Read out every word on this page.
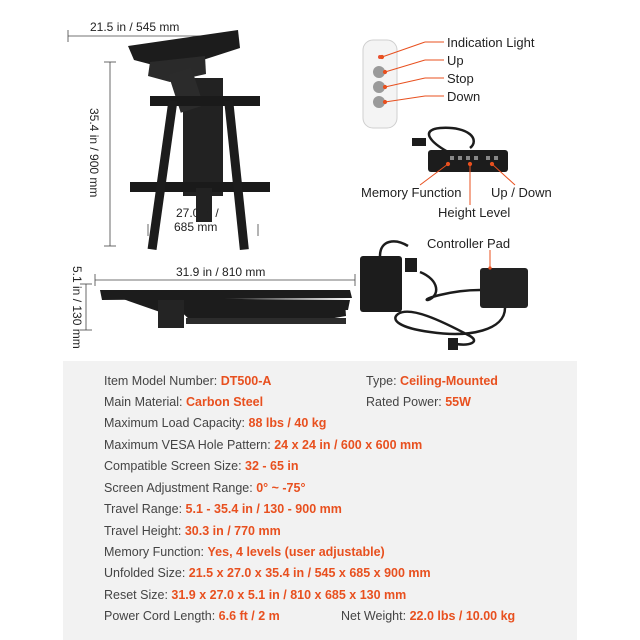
21.5 in / 545 mm
35.4 in / 900 mm
27.0 in /
685 mm
31.9 in / 810 mm
5.1 in / 130 mm
Indication Light
Up
Stop
Down
Memory Function Up / Down
Height Level
Controller Pad
Item Model Number: DT500-A	Type: Ceiling-Mounted
Main Material: Carbon Steel	Rated Power: 55W
Maximum Load Capacity: 88 lbs / 40 kg
Maximum VESA Hole Pattern: 24 x 24 in / 600 x 600 mm
Compatible Screen Size: 32 - 65 in
Screen Adjustment Range: 0° ~ -75°
Travel Range: 5.1 - 35.4 in / 130 - 900 mm
Travel Height: 30.3 in / 770 mm
Memory Function: Yes, 4 levels (user adjustable)
Unfolded Size: 21.5 x 27.0 x 35.4 in / 545 x 685 x 900 mm
Reset Size: 31.9 x 27.0 x 5.1 in / 810 x 685 x 130 mm
Power Cord Length: 6.6 ft / 2 m	Net Weight: 22.0 lbs / 10.00 kg
